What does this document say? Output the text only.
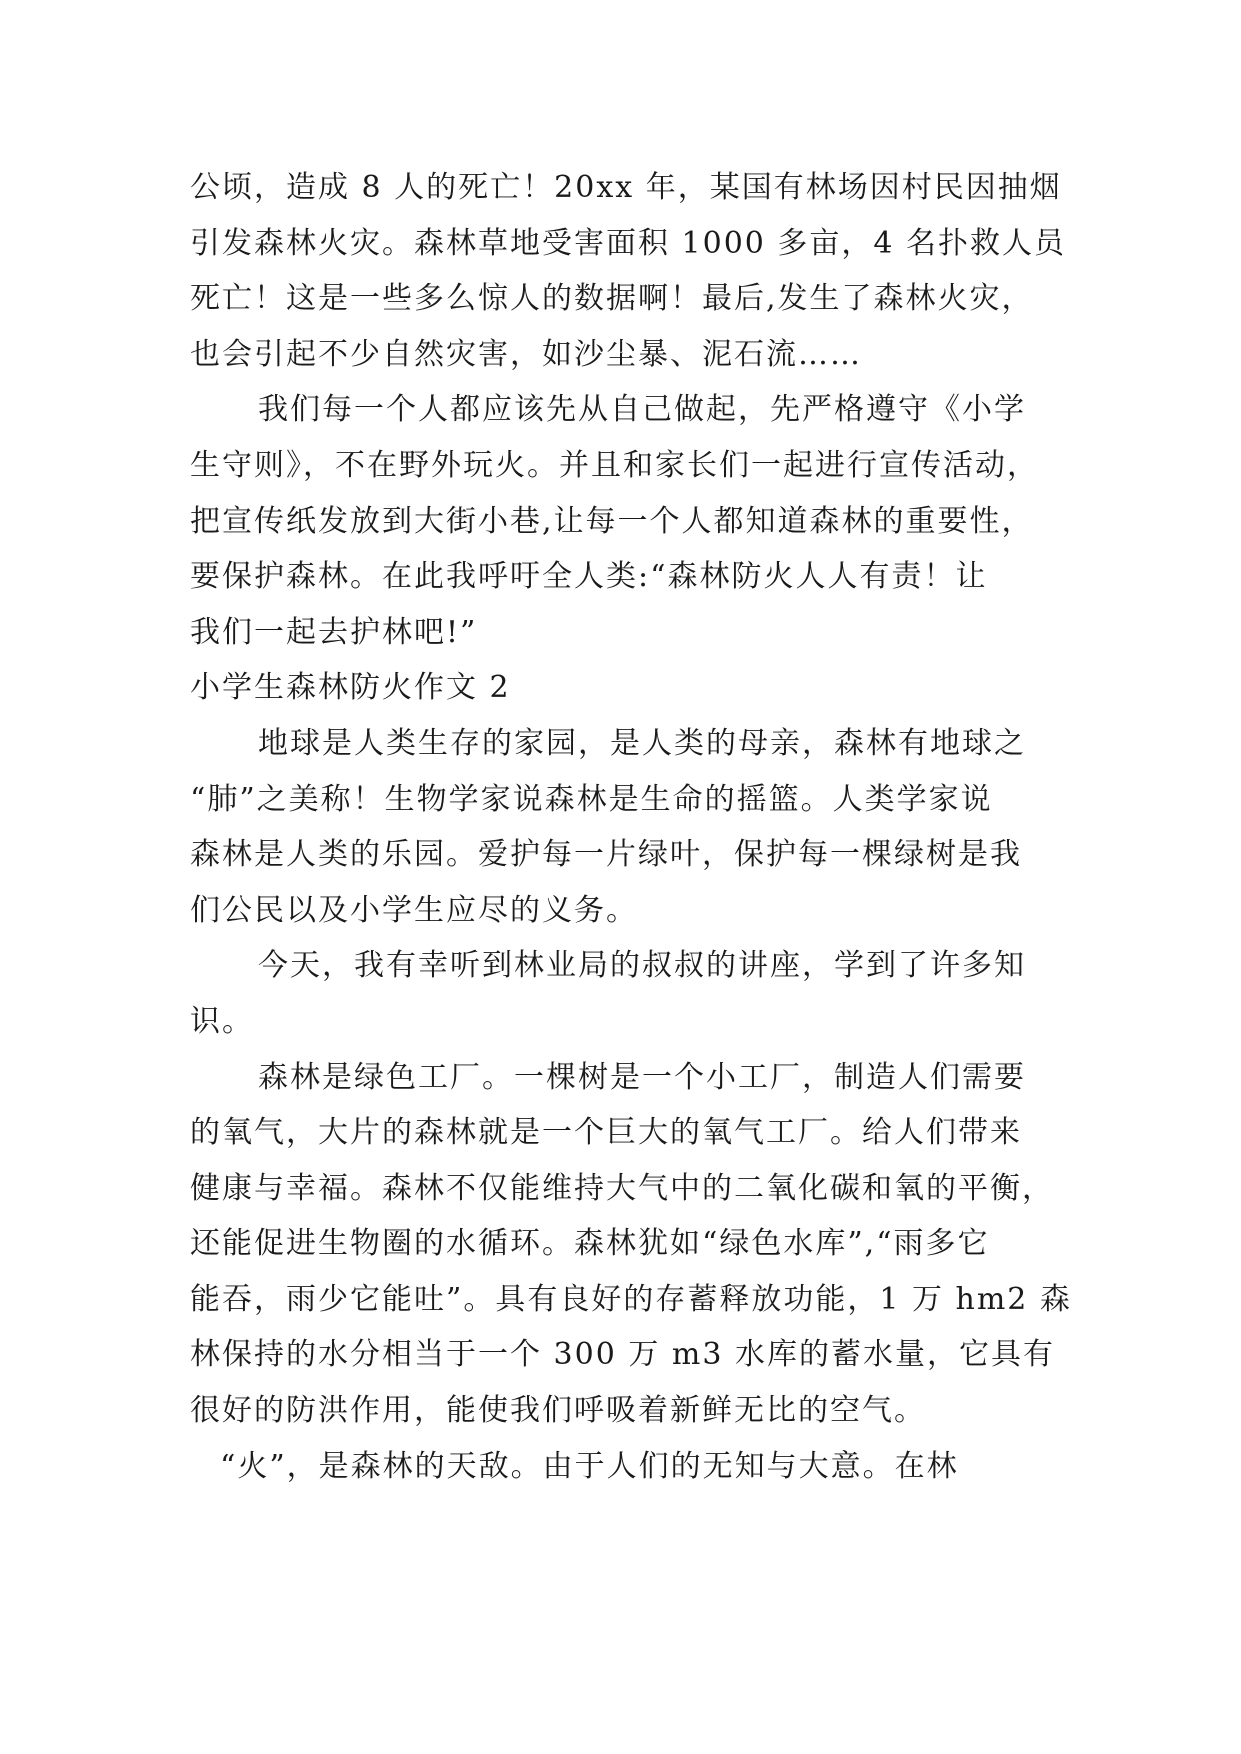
公顷，造成 8 人的死亡！20xx 年，某国有林场因村民因抽烟
引发森林火灾。森林草地受害面积 1000 多亩，4 名扑救人员
死亡！这是一些多么惊人的数据啊！最后,发生了森林火灾，
也会引起不少自然灾害，如沙尘暴、泥石流……
我们每一个人都应该先从自己做起，先严格遵守《小学
生守则》，不在野外玩火。并且和家长们一起进行宣传活动，
把宣传纸发放到大街小巷,让每一个人都知道森林的重要性，
要保护森林。在此我呼吁全人类:“森林防火人人有责！让
我们一起去护林吧!”
小学生森林防火作文 2
地球是人类生存的家园，是人类的母亲，森林有地球之
“肺”之美称！生物学家说森林是生命的摇篮。人类学家说
森林是人类的乐园。爱护每一片绿叶，保护每一棵绿树是我
们公民以及小学生应尽的义务。
今天，我有幸听到林业局的叔叔的讲座，学到了许多知
识。
森林是绿色工厂。一棵树是一个小工厂，制造人们需要
的氧气，大片的森林就是一个巨大的氧气工厂。给人们带来
健康与幸福。森林不仅能维持大气中的二氧化碳和氧的平衡，
还能促进生物圈的水循环。森林犹如“绿色水库”,“雨多它
能吞，雨少它能吐”。具有良好的存蓄释放功能，1 万 hm2 森
林保持的水分相当于一个 300 万 m3 水库的蓄水量，它具有
很好的防洪作用，能使我们呼吸着新鲜无比的空气。
“火”，是森林的天敌。由于人们的无知与大意。在林
